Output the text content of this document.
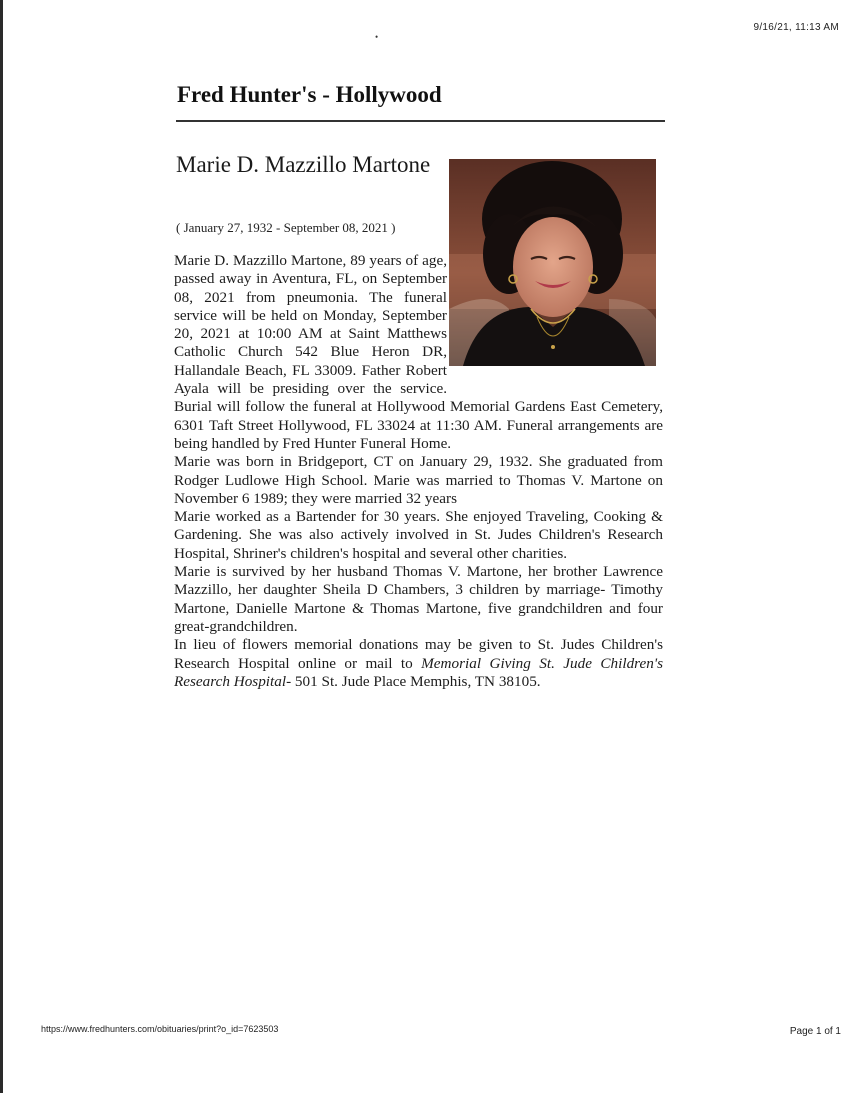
9/16/21, 11:13 AM
•
Fred Hunter's - Hollywood
Marie D. Mazzillo Martone
( January 27, 1932 - September 08, 2021 )

Marie D. Mazzillo Martone, 89 years of age, passed away in Aventura, FL, on September 08, 2021 from pneumonia. The funeral service will be held on Monday, September 20, 2021 at 10:00 AM at Saint Matthews Catholic Church 542 Blue Heron DR, Hallandale Beach, FL 33009. Father Robert Ayala will be presiding over the service. Burial will follow the funeral at Hollywood Memorial Gardens East Cemetery, 6301 Taft Street Hollywood, FL 33024 at 11:30 AM. Funeral arrangements are being handled by Fred Hunter Funeral Home.

Marie was born in Bridgeport, CT on January 29, 1932. She graduated from Rodger Ludlowe High School. Marie was married to Thomas V. Martone on November 6 1989; they were married 32 years

Marie worked as a Bartender for 30 years. She enjoyed Traveling, Cooking & Gardening. She was also actively involved in St. Judes Children's Research Hospital, Shriner's children's hospital and several other charities.

Marie is survived by her husband Thomas V. Martone, her brother Lawrence Mazzillo, her daughter Sheila D Chambers, 3 children by marriage- Timothy Martone, Danielle Martone & Thomas Martone, five grandchildren and four great-grandchildren.

In lieu of flowers memorial donations may be given to St. Judes Children's Research Hospital online or mail to Memorial Giving St. Jude Children's Research Hospital- 501 St. Jude Place Memphis, TN 38105.

https://www.fredhunters.com/obituaries/print?o_id=7623503	Page 1 of 1
